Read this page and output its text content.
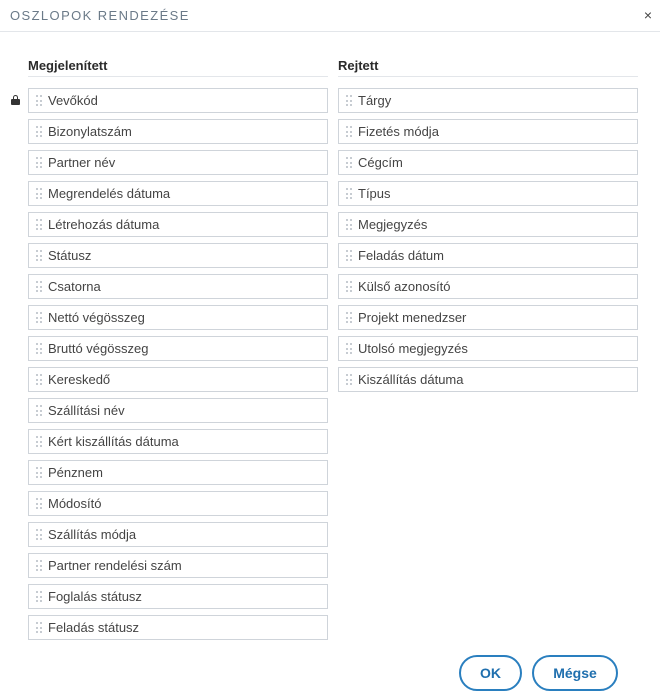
OSZLOPOK RENDEZÉSE	×
Megjelenített	Rejtett
Vevőkód
Bizonylatszám
Partner név
Megrendelés dátuma
Létrehozás dátuma
Státusz
Csatorna
Nettó végösszeg
Bruttó végösszeg
Kereskedő
Szállítási név
Kért kiszállítás dátuma
Pénznem
Módosító
Szállítás módja
Partner rendelési szám
Foglalás státusz
Feladás státusz
Tárgy
Fizetés módja
Cégcím
Típus
Megjegyzés
Feladás dátum
Külső azonosító
Projekt menedzser
Utolsó megjegyzés
Kiszállítás dátuma
OK	Mégse
